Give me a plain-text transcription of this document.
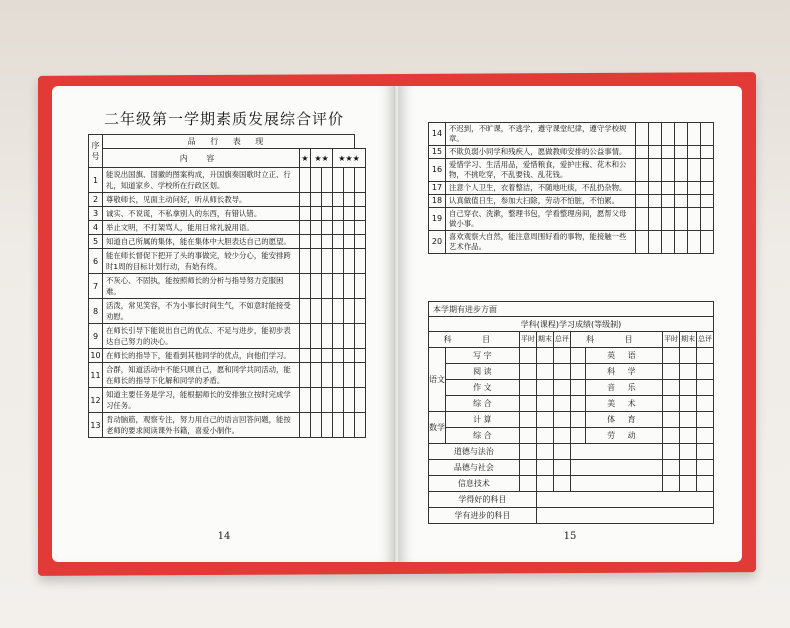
二年级第一学期素质发展综合评价
序号	品 行 表 现						
	内 容	★	★★		★★★		
1	能说出国旗、国徽的图案构成，升国旗奏国歌时立正、行礼，知道家乡、学校所在行政区划。						
2	尊敬师长，见面主动问好，听从师长教导。						
3	诚实、不说谎，不私拿别人的东西，有错认错。						
4	举止文明，不打架骂人，能用日常礼貌用语。						
5	知道自己所属的集体，能在集体中大胆表达自己的愿望。						
6	能在师长督促下把开了头的事做完，较少分心，能安排跨时1周的目标计划行动，有始有终。						
7	不灰心、不固执，能按照师长的分析与指导努力克服困难。						
8	活泼，常见笑容，不为小事长时间生气，不如意时能接受劝慰。						
9	在师长引导下能说出自己的优点、不足与进步，能初步表达自己努力的决心。						
10	在师长的指导下，能看到其他同学的优点，向他们学习。						
11	合群，知道活动中不能只顾自己，愿和同学共同活动，能在师长的指导下化解和同学的矛盾。						
12	知道主要任务是学习，能根据师长的安排独立按时完成学习任务。						
13	肯动脑筋，观察专注，努力用自己的语言回答问题，能按老师的要求阅读课外书籍，喜爱小制作。						
14
14	不迟到，不旷课，不逃学，遵守课堂纪律，遵守学校规章。						
15	不欺负弱小同学和残疾人，愿做教师安排的公益事情。						
16	爱惜学习、生活用品，爱惜粮食，爱护庄稼、花木和公物，不挑吃穿，不乱要钱、乱花钱。						
17	注意个人卫生，衣着整洁，不随地吐痰，不乱扔杂物。						
18	认真做值日生，参加大扫除，劳动不怕脏，不怕累。						
19	自己穿衣、洗漱，整理书包，学看整理房间，愿帮父母做小事。						
20	喜欢观察大自然，能注意周围好看的事物，能接触一些艺术作品。						
本学期有进步方面									
学科(课程)学习成绩(等级制)									
科 目		平时	期末	总评	科 目		平时	期末	总评
语文	写 字					英 语			
	阅 读					科 学			
	作 文					音 乐			
	综 合					美 术			
数学	计 算					体 育			
	综 合					劳 动			
道德与法治									
品德与社会									
信息技术									
学得好的科目									
学有进步的科目									
15
